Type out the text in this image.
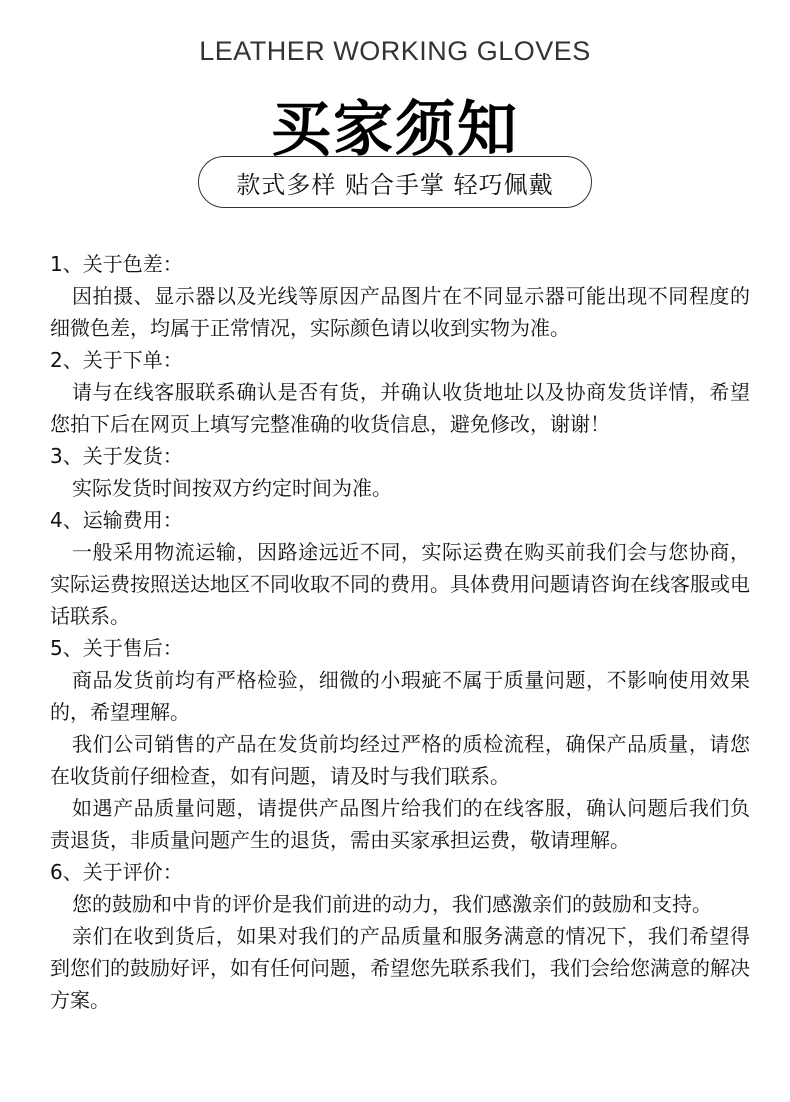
LEATHER WORKING GLOVES
买家须知
款式多样 贴合手掌 轻巧佩戴

1、关于色差：

因拍摄、显示器以及光线等原因产品图片在不同显示器可能出现不同程度的细微色差，均属于正常情况，实际颜色请以收到实物为准。

2、关于下单：

请与在线客服联系确认是否有货，并确认收货地址以及协商发货详情，希望您拍下后在网页上填写完整准确的收货信息，避免修改，谢谢！

3、关于发货：

实际发货时间按双方约定时间为准。

4、运输费用：

一般采用物流运输，因路途远近不同，实际运费在购买前我们会与您协商，实际运费按照送达地区不同收取不同的费用。具体费用问题请咨询在线客服或电话联系。

5、关于售后：

商品发货前均有严格检验，细微的小瑕疵不属于质量问题，不影响使用效果的，希望理解。

我们公司销售的产品在发货前均经过严格的质检流程，确保产品质量，请您在收货前仔细检查，如有问题，请及时与我们联系。

如遇产品质量问题，请提供产品图片给我们的在线客服，确认问题后我们负责退货，非质量问题产生的退货，需由买家承担运费，敬请理解。

6、关于评价：

您的鼓励和中肯的评价是我们前进的动力，我们感激亲们的鼓励和支持。

亲们在收到货后，如果对我们的产品质量和服务满意的情况下，我们希望得到您们的鼓励好评，如有任何问题，希望您先联系我们，我们会给您满意的解决方案。
